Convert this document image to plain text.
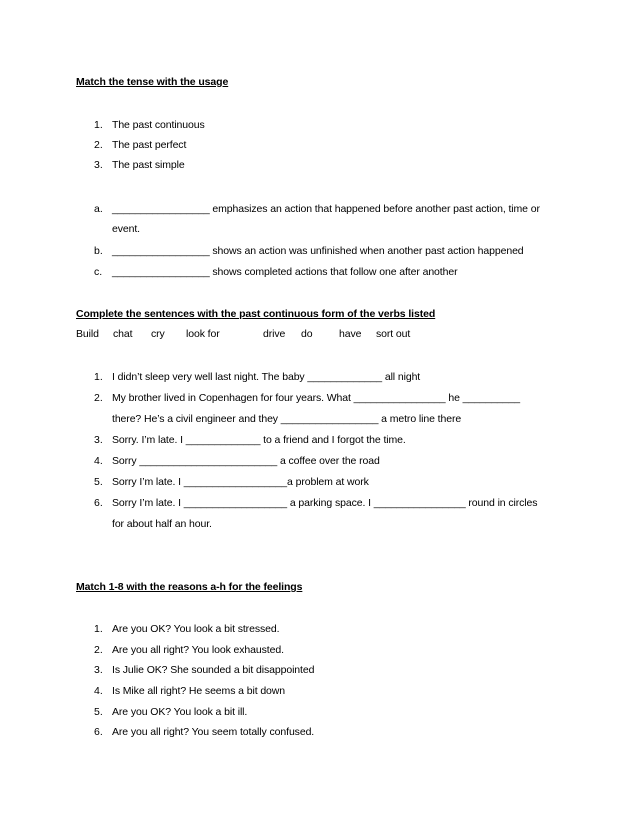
Match the tense with the usage
1. The past continuous
2. The past perfect
3. The past simple
a. _________________ emphasizes an action that happened before another past action, time or
event.
b. _________________ shows an action was unfinished when another past action happened
c. _________________ shows completed actions that follow one after another
Complete the sentences with the past continuous form of the verbs listed
Build chat cry look for	drive do	have sort out
1. I didn’t sleep very well last night. The baby _____________ all night
2. My brother lived in Copenhagen for four years. What ________________ he __________
there? He’s a civil engineer and they _________________ a metro line there
3. Sorry. I’m late. I _____________ to a friend and I forgot the time.
4. Sorry ________________________ a coffee over the road
5. Sorry I’m late. I __________________a problem at work
6. Sorry I’m late. I __________________ a parking space. I ________________ round in circles
for about half an hour.
Match 1-8 with the reasons a-h for the feelings
1. Are you OK? You look a bit stressed.
2. Are you all right? You look exhausted.
3. Is Julie OK? She sounded a bit disappointed
4. Is Mike all right? He seems a bit down
5. Are you OK? You look a bit ill.
6. Are you all right? You seem totally confused.
